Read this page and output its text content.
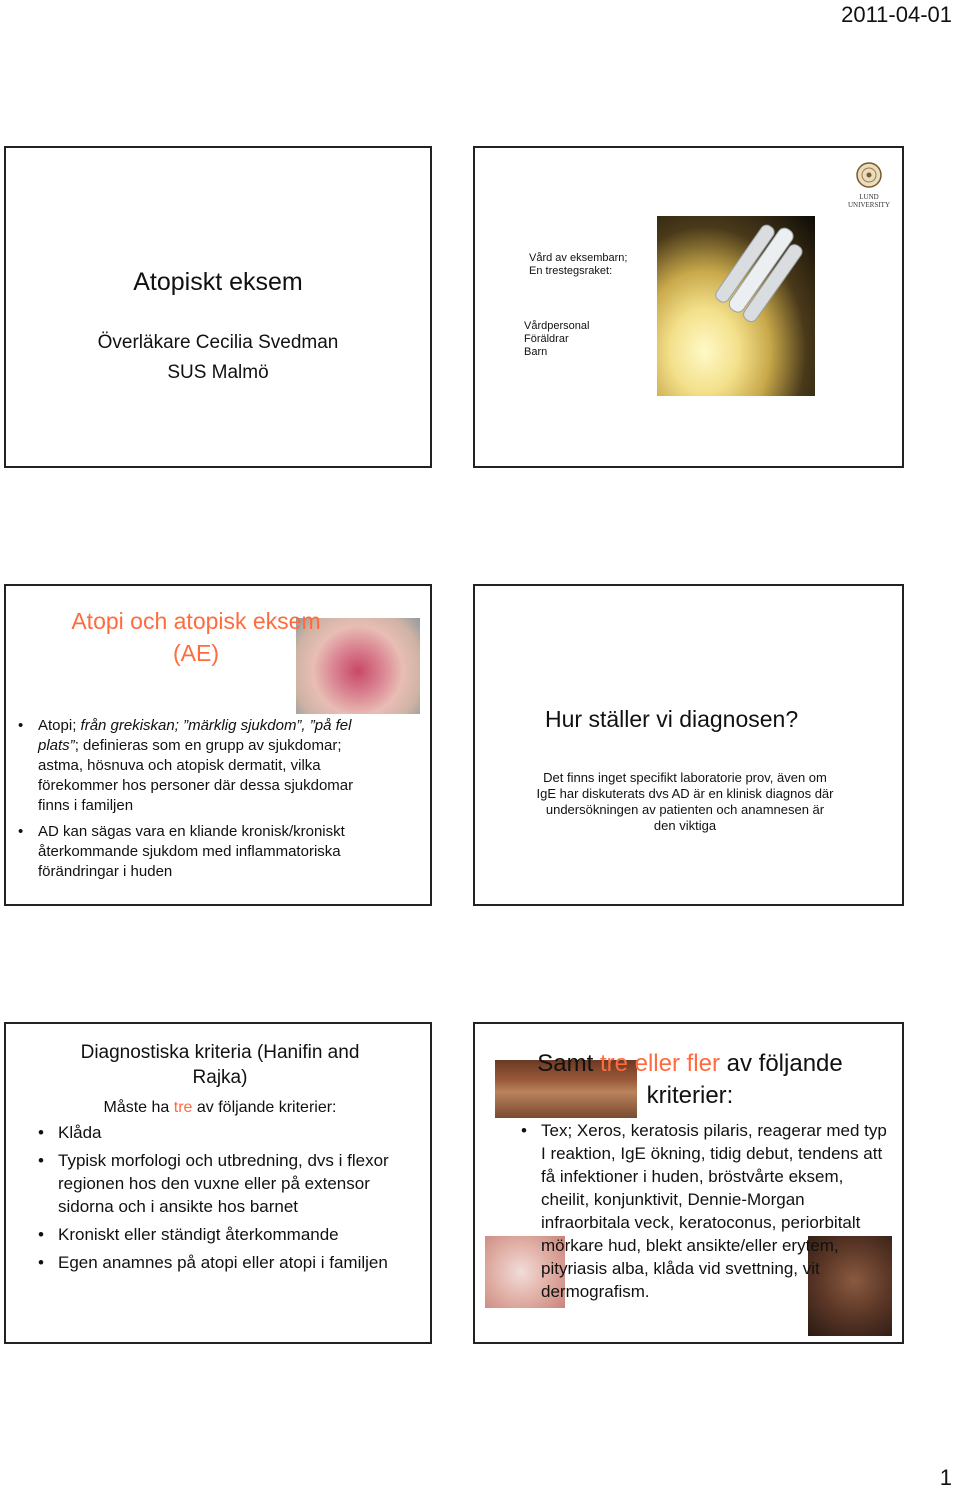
2011-04-01
Atopiskt eksem
Överläkare Cecilia Svedman
SUS Malmö
LUND UNIVERSITY
Vård av eksembarn;
En trestegsraket:
Vårdpersonal
Föräldrar
Barn
Atopi och atopisk eksem
(AE)
• Atopi; från grekiskan; ”märklig sjukdom”, ”på fel plats”; definieras som en grupp av sjukdomar; astma, hösnuva och atopisk dermatit, vilka förekommer hos personer där dessa sjukdomar finns i familjen
• AD kan sägas vara en kliande kronisk/kroniskt återkommande sjukdom med inflammatoriska förändringar i huden
Hur ställer vi diagnosen?
Det finns inget specifikt laboratorie prov, även om IgE har diskuterats dvs AD är en klinisk diagnos där undersökningen av patienten och anamnesen är den viktiga
Diagnostiska kriteria (Hanifin and Rajka)
Måste ha tre av följande kriterier:
• Klåda
• Typisk morfologi och utbredning, dvs i flexor regionen hos den vuxne eller på extensor sidorna och i ansikte hos barnet
• Kroniskt eller ständigt återkommande
• Egen anamnes på atopi eller atopi i familjen
Samt tre eller fler av följande kriterier:
• Tex; Xeros, keratosis pilaris, reagerar med typ I reaktion, IgE ökning, tidig debut, tendens att få infektioner i huden, bröstvårte eksem, cheilit, konjunktivit, Dennie-Morgan infraorbitala veck, keratoconus, periorbitalt mörkare hud, blekt ansikte/eller erytem, pityriasis alba, klåda vid svettning, vit dermografism.
1
